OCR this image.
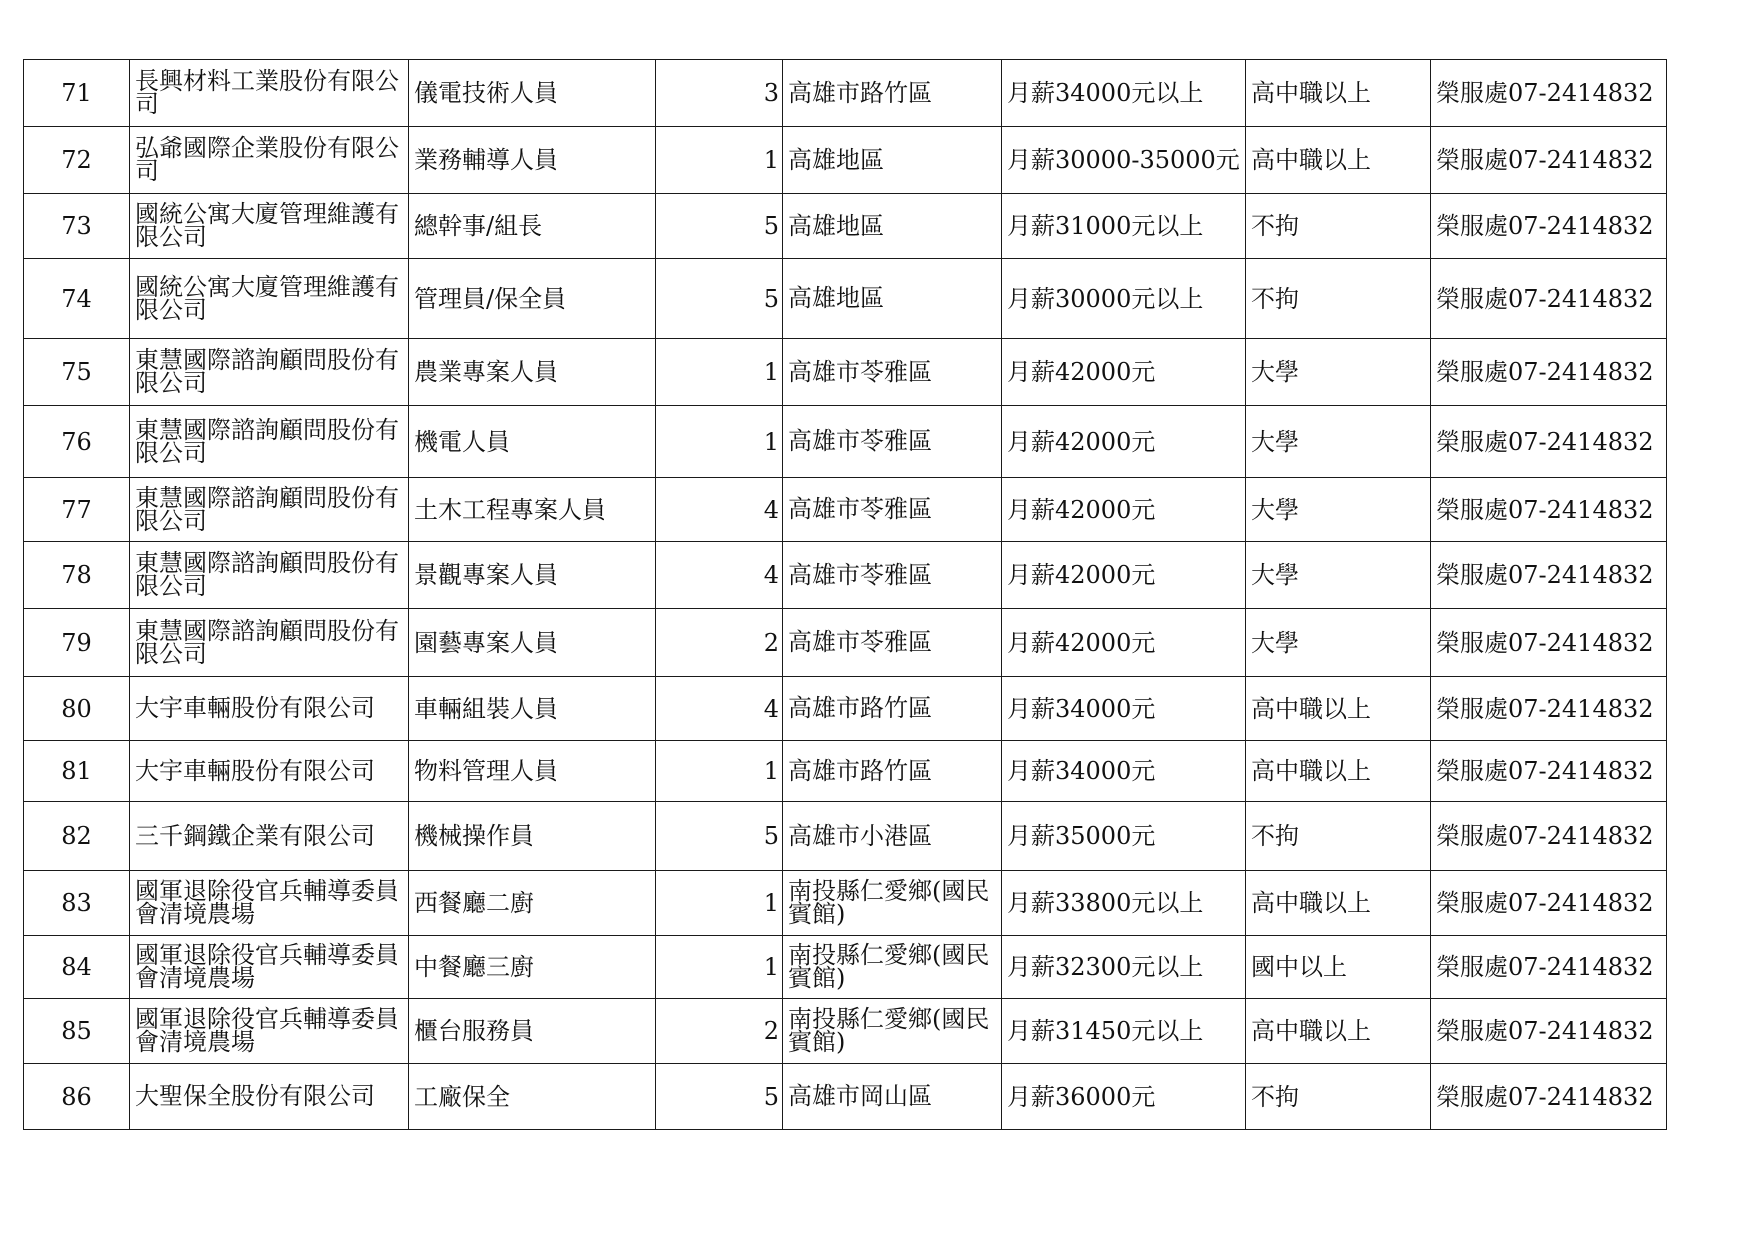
71	長興材料工業股份有限公司	儀電技術人員	3	高雄市路竹區	月薪34000元以上	高中職以上	榮服處07-2414832
72	弘爺國際企業股份有限公司	業務輔導人員	1	高雄地區	月薪30000-35000元	高中職以上	榮服處07-2414832
73	國統公寓大廈管理維護有限公司	總幹事/組長	5	高雄地區	月薪31000元以上	不拘	榮服處07-2414832
74	國統公寓大廈管理維護有限公司	管理員/保全員	5	高雄地區	月薪30000元以上	不拘	榮服處07-2414832
75	東慧國際諮詢顧問股份有限公司	農業專案人員	1	高雄市苓雅區	月薪42000元	大學	榮服處07-2414832
76	東慧國際諮詢顧問股份有限公司	機電人員	1	高雄市苓雅區	月薪42000元	大學	榮服處07-2414832
77	東慧國際諮詢顧問股份有限公司	土木工程專案人員	4	高雄市苓雅區	月薪42000元	大學	榮服處07-2414832
78	東慧國際諮詢顧問股份有限公司	景觀專案人員	4	高雄市苓雅區	月薪42000元	大學	榮服處07-2414832
79	東慧國際諮詢顧問股份有限公司	園藝專案人員	2	高雄市苓雅區	月薪42000元	大學	榮服處07-2414832
80	大宇車輛股份有限公司	車輛組裝人員	4	高雄市路竹區	月薪34000元	高中職以上	榮服處07-2414832
81	大宇車輛股份有限公司	物料管理人員	1	高雄市路竹區	月薪34000元	高中職以上	榮服處07-2414832
82	三千鋼鐵企業有限公司	機械操作員	5	高雄市小港區	月薪35000元	不拘	榮服處07-2414832
83	國軍退除役官兵輔導委員會清境農場	西餐廳二廚	1	南投縣仁愛鄉(國民賓館)	月薪33800元以上	高中職以上	榮服處07-2414832
84	國軍退除役官兵輔導委員會清境農場	中餐廳三廚	1	南投縣仁愛鄉(國民賓館)	月薪32300元以上	國中以上	榮服處07-2414832
85	國軍退除役官兵輔導委員會清境農場	櫃台服務員	2	南投縣仁愛鄉(國民賓館)	月薪31450元以上	高中職以上	榮服處07-2414832
86	大聖保全股份有限公司	工廠保全	5	高雄市岡山區	月薪36000元	不拘	榮服處07-2414832
